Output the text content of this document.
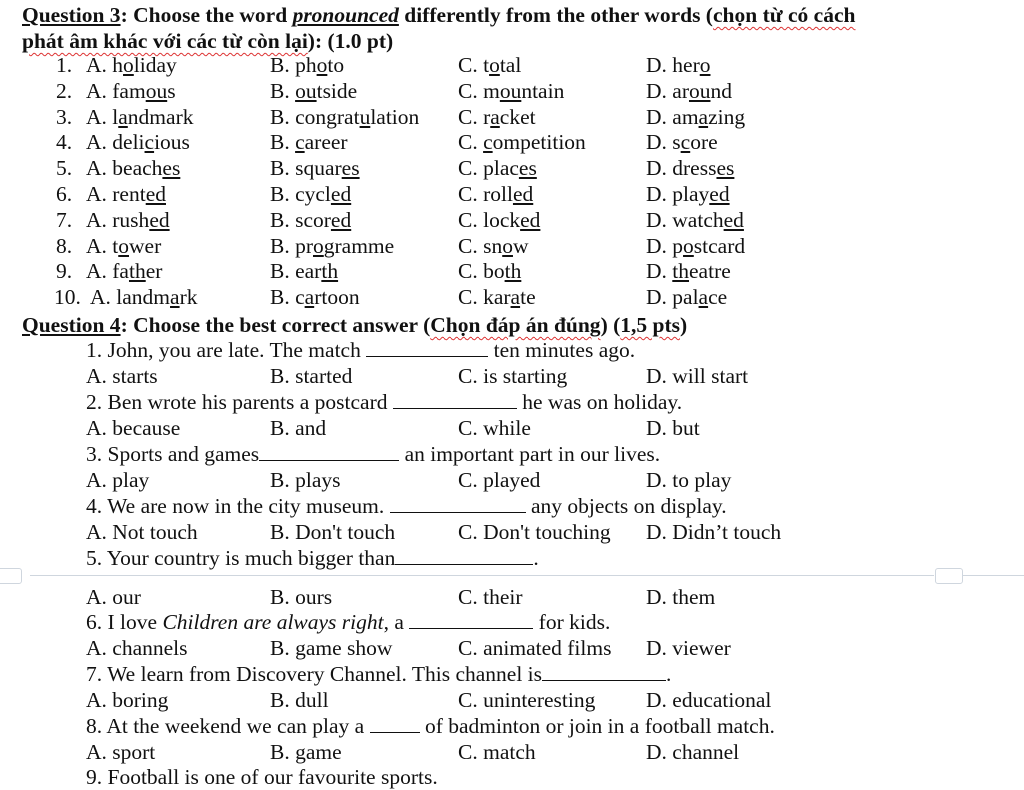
Question 3: Choose the word pronounced differently from the other words (chọn từ có cách
phát âm khác với các từ còn lại): (1.0 pt)
1. A. holiday	B. photo	C. total	D. hero
2. A. famous	B. outside	C. mountain	D. around
3. A. landmark	B. congratulation C. racket	D. amazing
4. A. delicious	B. career	C. competition	D. score
5. A. beaches	B. squares	C. places	D. dresses
6. A. rented	B. cycled	C. rolled	D. played
7. A. rushed	B. scored	C. locked	D. watched
8. A. tower	B. programme	C. snow	D. postcard
9. A. father	B. earth	C. both	D. theatre
10. A. landmark	B. cartoon	C. karate	D. palace
Question 4: Choose the best correct answer (Chọn đáp án đúng) (1,5 pts)
1. John, you are late. The match	ten minutes ago.
A. starts	B. started	C. is starting	D. will start
2. Ben wrote his parents a postcard	he was on holiday.
A. because	B. and	C. while	D. but
3. Sports and games	an important part in our lives.
A. play	B. plays	C. played	D. to play
4. We are now in the city museum.	any objects on display.
A. Not touch	B. Don't touch	C. Don't touching D. Didn’t touch
5. Your country is much bigger than	.
A. our	B. ours	C. their	D. them
6. I love Children are always right, a	for kids.
A. channels	B. game show	C. animated films D. viewer
7. We learn from Discovery Channel. This channel is	.
A. boring	B. dull	C. uninteresting D. educational
8. At the weekend we can play a  of badminton or join in a football match.
A. sport	B. game	C. match	D. channel
9. Football is one of our favourite sports.
